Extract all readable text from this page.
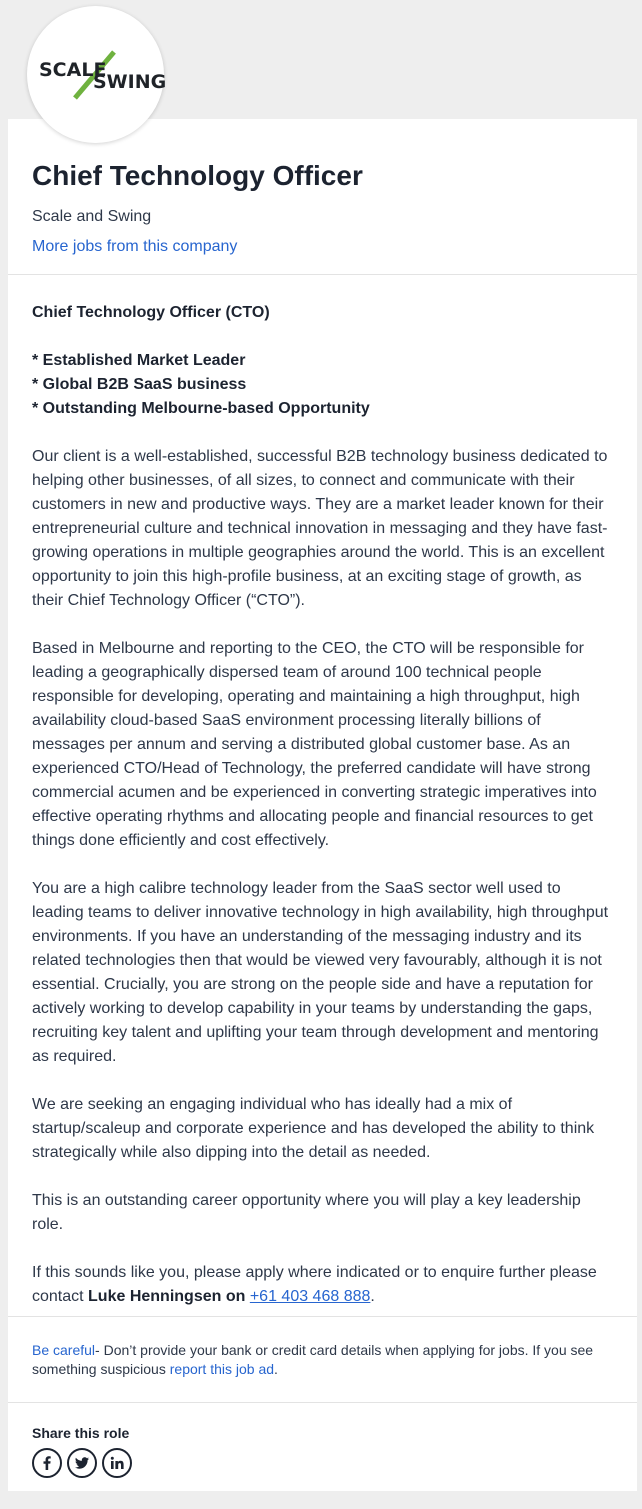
SCALE
SWING
Chief Technology Officer
Scale and Swing
More jobs from this company

Chief Technology Officer (CTO)

* Established Market Leader
* Global B2B SaaS business
* Outstanding Melbourne-based Opportunity

Our client is a well-established, successful B2B technology business dedicated to helping other businesses, of all sizes, to connect and communicate with their customers in new and productive ways. They are a market leader known for their entrepreneurial culture and technical innovation in messaging and they have fast-growing operations in multiple geographies around the world. This is an excellent opportunity to join this high-profile business, at an exciting stage of growth, as their Chief Technology Officer (“CTO”).

Based in Melbourne and reporting to the CEO, the CTO will be responsible for leading a geographically dispersed team of around 100 technical people responsible for developing, operating and maintaining a high throughput, high availability cloud-based SaaS environment processing literally billions of messages per annum and serving a distributed global customer base. As an experienced CTO/Head of Technology, the preferred candidate will have strong commercial acumen and be experienced in converting strategic imperatives into effective operating rhythms and allocating people and financial resources to get things done efficiently and cost effectively.

You are a high calibre technology leader from the SaaS sector well used to leading teams to deliver innovative technology in high availability, high throughput environments. If you have an understanding of the messaging industry and its related technologies then that would be viewed very favourably, although it is not essential. Crucially, you are strong on the people side and have a reputation for actively working to develop capability in your teams by understanding the gaps, recruiting key talent and uplifting your team through development and mentoring as required.

We are seeking an engaging individual who has ideally had a mix of startup/scaleup and corporate experience and has developed the ability to think strategically while also dipping into the detail as needed.

This is an outstanding career opportunity where you will play a key leadership role.

If this sounds like you, please apply where indicated or to enquire further please contact Luke Henningsen on +61 403 468 888.

Be careful- Don’t provide your bank or credit card details when applying for jobs. If you see something suspicious report this job ad.
Share this role
